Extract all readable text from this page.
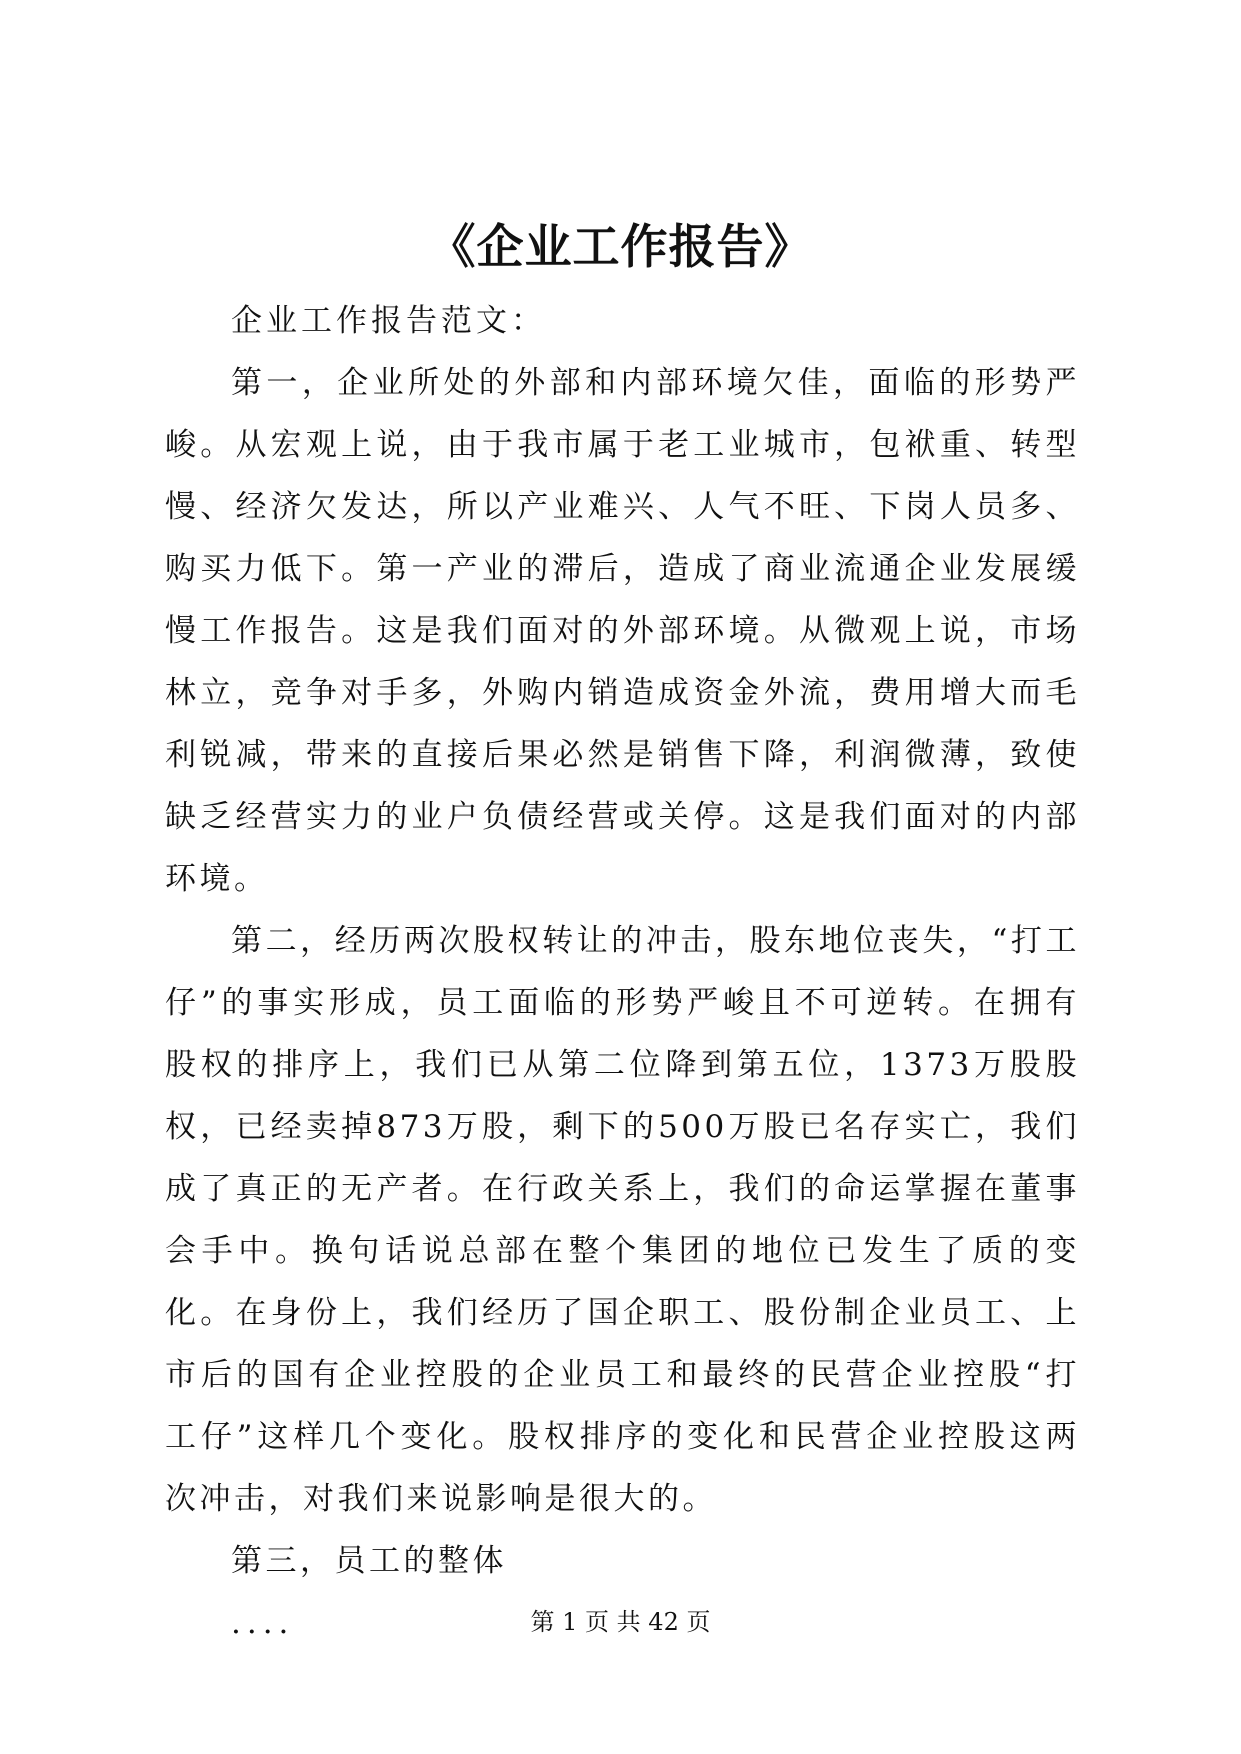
《企业工作报告》

企业工作报告范文：

第一，企业所处的外部和内部环境欠佳，面临的形势严峻。从宏观上说，由于我市属于老工业城市，包袱重、转型慢、经济欠发达，所以产业难兴、人气不旺、下岗人员多、购买力低下。第一产业的滞后，造成了商业流通企业发展缓慢工作报告。这是我们面对的外部环境。从微观上说，市场林立，竞争对手多，外购内销造成资金外流，费用增大而毛利锐减，带来的直接后果必然是销售下降，利润微薄，致使缺乏经营实力的业户负债经营或关停。这是我们面对的内部环境。

第二，经历两次股权转让的冲击，股东地位丧失，“打工仔”的事实形成，员工面临的形势严峻且不可逆转。在拥有股权的排序上，我们已从第二位降到第五位，1373万股股权，已经卖掉873万股，剩下的500万股已名存实亡，我们成了真正的无产者。在行政关系上，我们的命运掌握在董事会手中。换句话说总部在整个集团的地位已发生了质的变化。在身份上，我们经历了国企职工、股份制企业员工、上市后的国有企业控股的企业员工和最终的民营企业控股“打工仔”这样几个变化。股权排序的变化和民营企业控股这两次冲击，对我们来说影响是很大的。

第三，员工的整体

....	第 1 页 共 42 页
